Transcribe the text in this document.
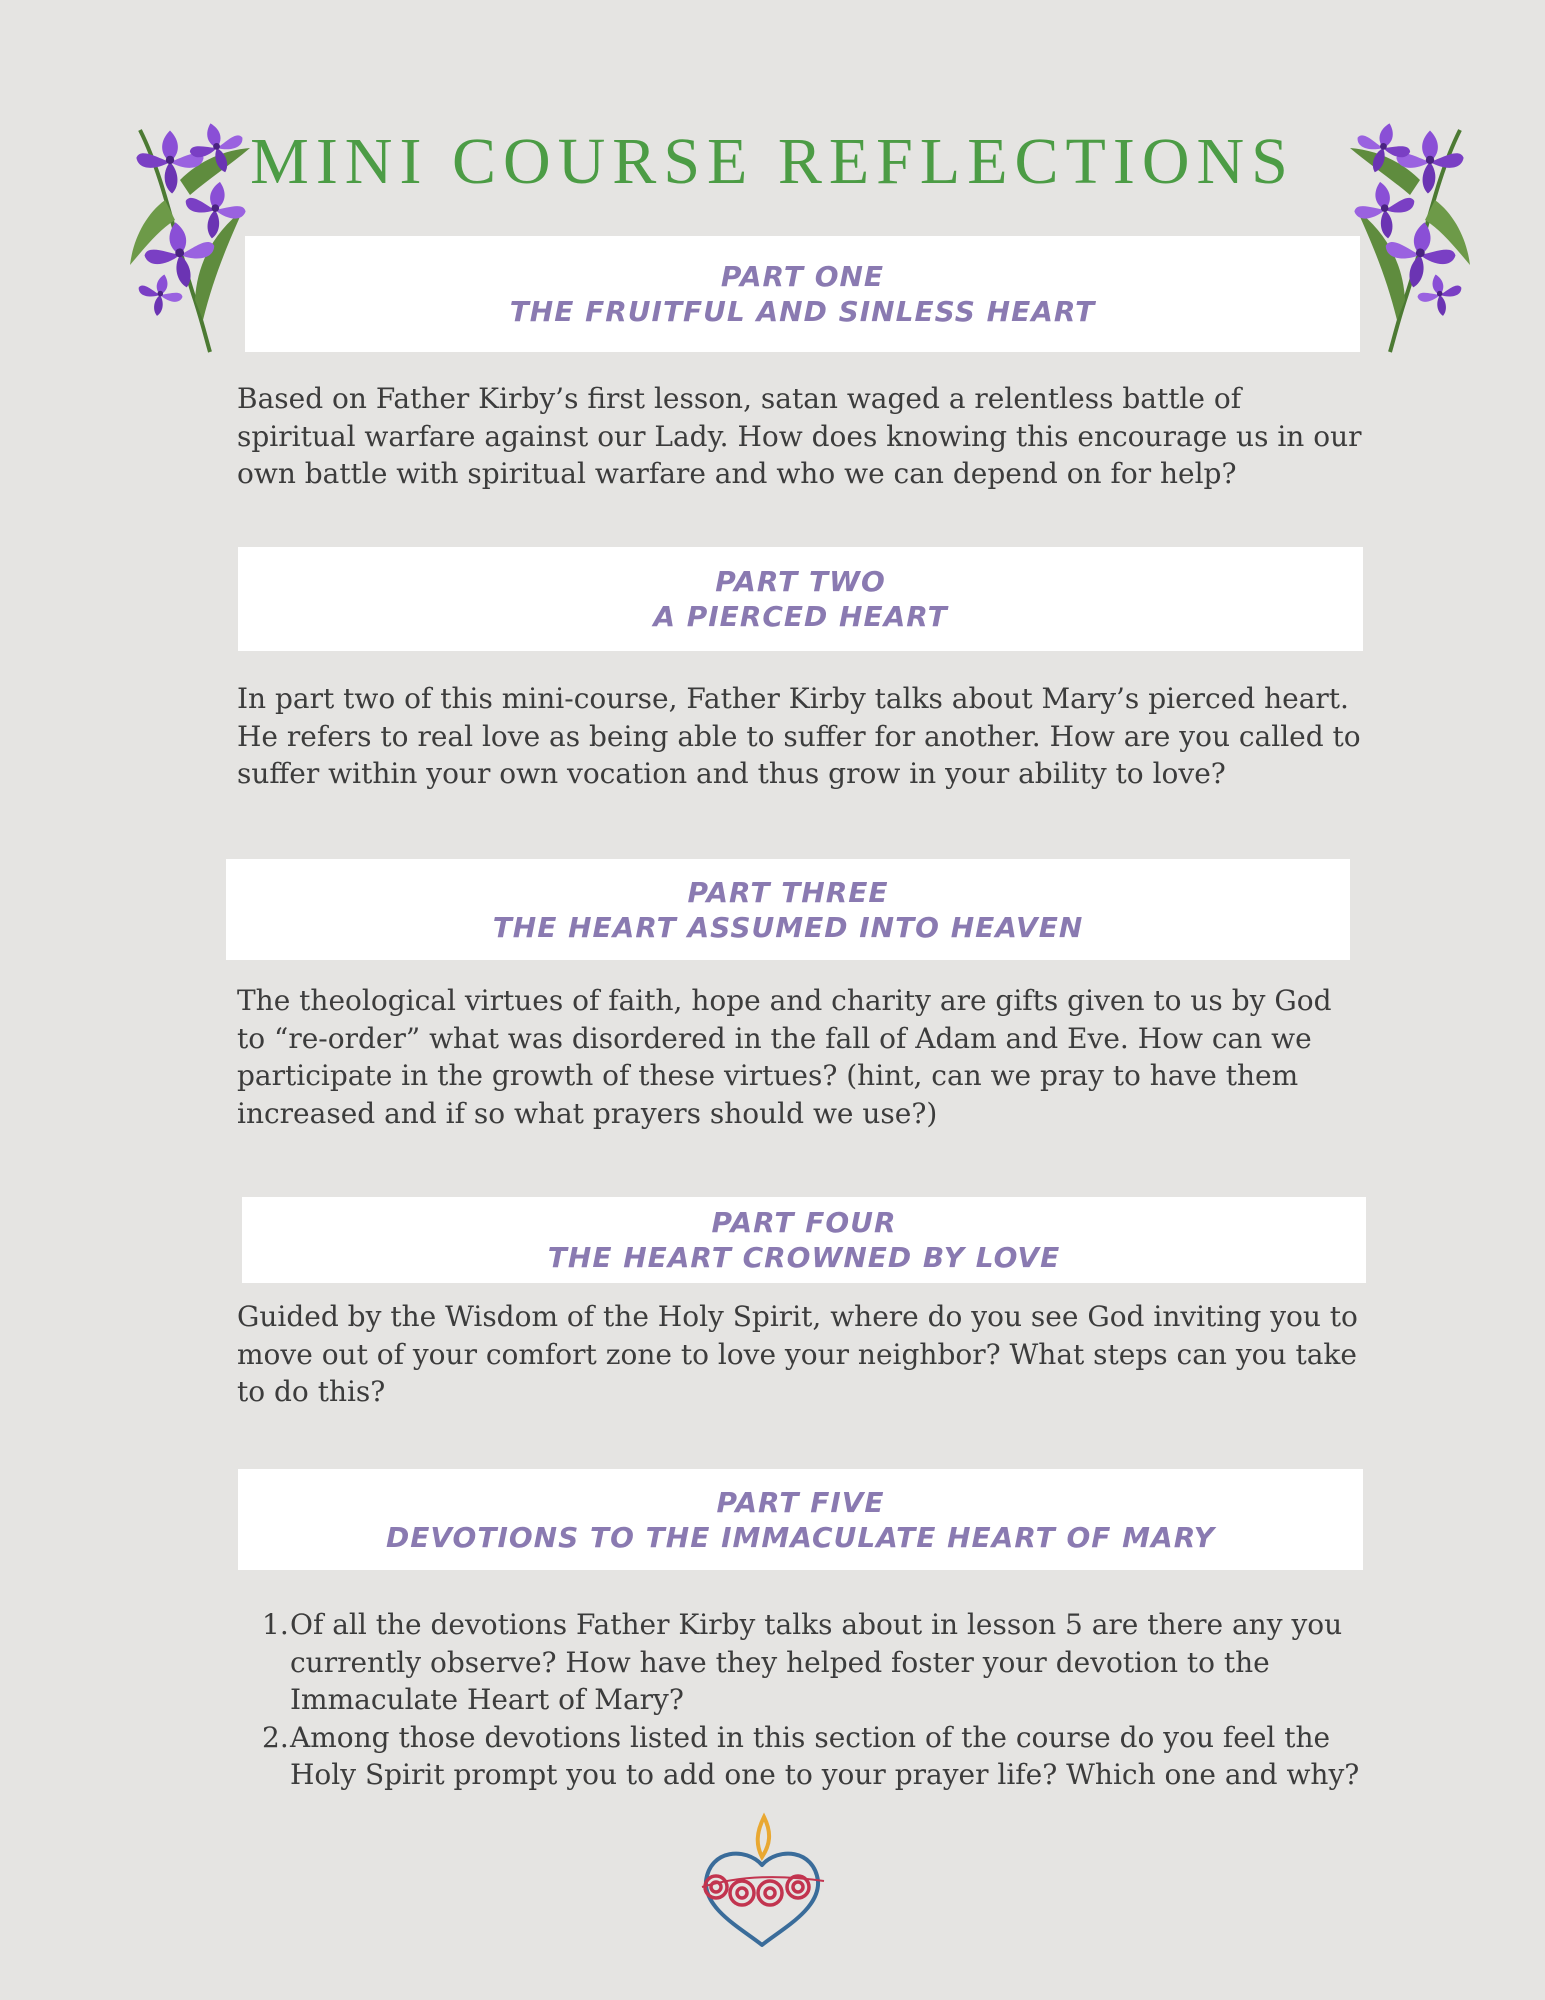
MINI COURSE REFLECTIONS
PART ONE
THE FRUITFUL AND SINLESS HEART

Based on Father Kirby’s first lesson, satan waged a relentless battle of spiritual warfare against our Lady. How does knowing this encourage us in our own battle with spiritual warfare and who we can depend on for help?

PART TWO
A PIERCED HEART

In part two of this mini-course, Father Kirby talks about Mary’s pierced heart. He refers to real love as being able to suffer for another. How are you called to suffer within your own vocation and thus grow in your ability to love?

PART THREE
THE HEART ASSUMED INTO HEAVEN

The theological virtues of faith, hope and charity are gifts given to us by God to “re-order” what was disordered in the fall of Adam and Eve. How can we participate in the growth of these virtues? (hint, can we pray to have them increased and if so what prayers should we use?)

PART FOUR
THE HEART CROWNED BY LOVE

Guided by the Wisdom of the Holy Spirit, where do you see God inviting you to move out of your comfort zone to love your neighbor? What steps can you take to do this?

PART FIVE
DEVOTIONS TO THE IMMACULATE HEART OF MARY
1. Of all the devotions Father Kirby talks about in lesson 5 are there any you currently observe? How have they helped foster your devotion to the Immaculate Heart of Mary?
2. Among those devotions listed in this section of the course do you feel the Holy Spirit prompt you to add one to your prayer life? Which one and why?
